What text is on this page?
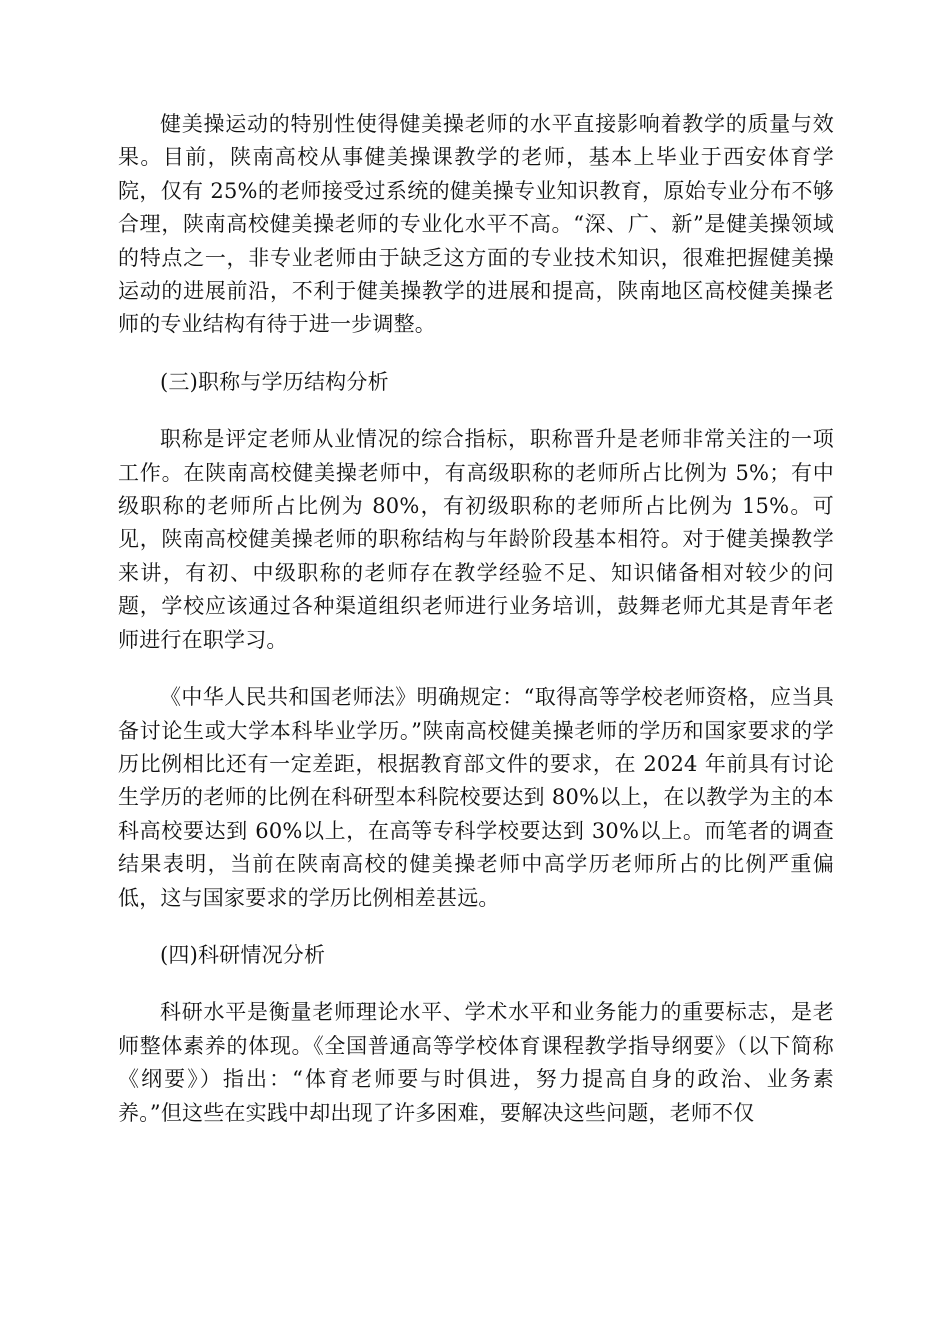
健美操运动的特别性使得健美操老师的水平直接影响着教学的质量与效果。目前，陕南高校从事健美操课教学的老师，基本上毕业于西安体育学院，仅有 25%的老师接受过系统的健美操专业知识教育，原始专业分布不够合理，陕南高校健美操老师的专业化水平不高。“深、广、新”是健美操领域的特点之一，非专业老师由于缺乏这方面的专业技术知识，很难把握健美操运动的进展前沿，不利于健美操教学的进展和提高，陕南地区高校健美操老师的专业结构有待于进一步调整。

(三)职称与学历结构分析

职称是评定老师从业情况的综合指标，职称晋升是老师非常关注的一项工作。在陕南高校健美操老师中，有高级职称的老师所占比例为 5%；有中级职称的老师所占比例为 80%，有初级职称的老师所占比例为 15%。可见，陕南高校健美操老师的职称结构与年龄阶段基本相符。对于健美操教学来讲，有初、中级职称的老师存在教学经验不足、知识储备相对较少的问题，学校应该通过各种渠道组织老师进行业务培训，鼓舞老师尤其是青年老师进行在职学习。

《中华人民共和国老师法》明确规定：“取得高等学校老师资格，应当具备讨论生或大学本科毕业学历。”陕南高校健美操老师的学历和国家要求的学历比例相比还有一定差距，根据教育部文件的要求，在 2024 年前具有讨论生学历的老师的比例在科研型本科院校要达到 80%以上，在以教学为主的本科高校要达到 60%以上，在高等专科学校要达到 30%以上。而笔者的调查结果表明，当前在陕南高校的健美操老师中高学历老师所占的比例严重偏低，这与国家要求的学历比例相差甚远。

(四)科研情况分析

科研水平是衡量老师理论水平、学术水平和业务能力的重要标志，是老师整体素养的体现。《全国普通高等学校体育课程教学指导纲要》（以下简称《纲要》）指出：“体育老师要与时俱进，努力提高自身的政治、业务素养。”但这些在实践中却出现了许多困难，要解决这些问题，老师不仅
